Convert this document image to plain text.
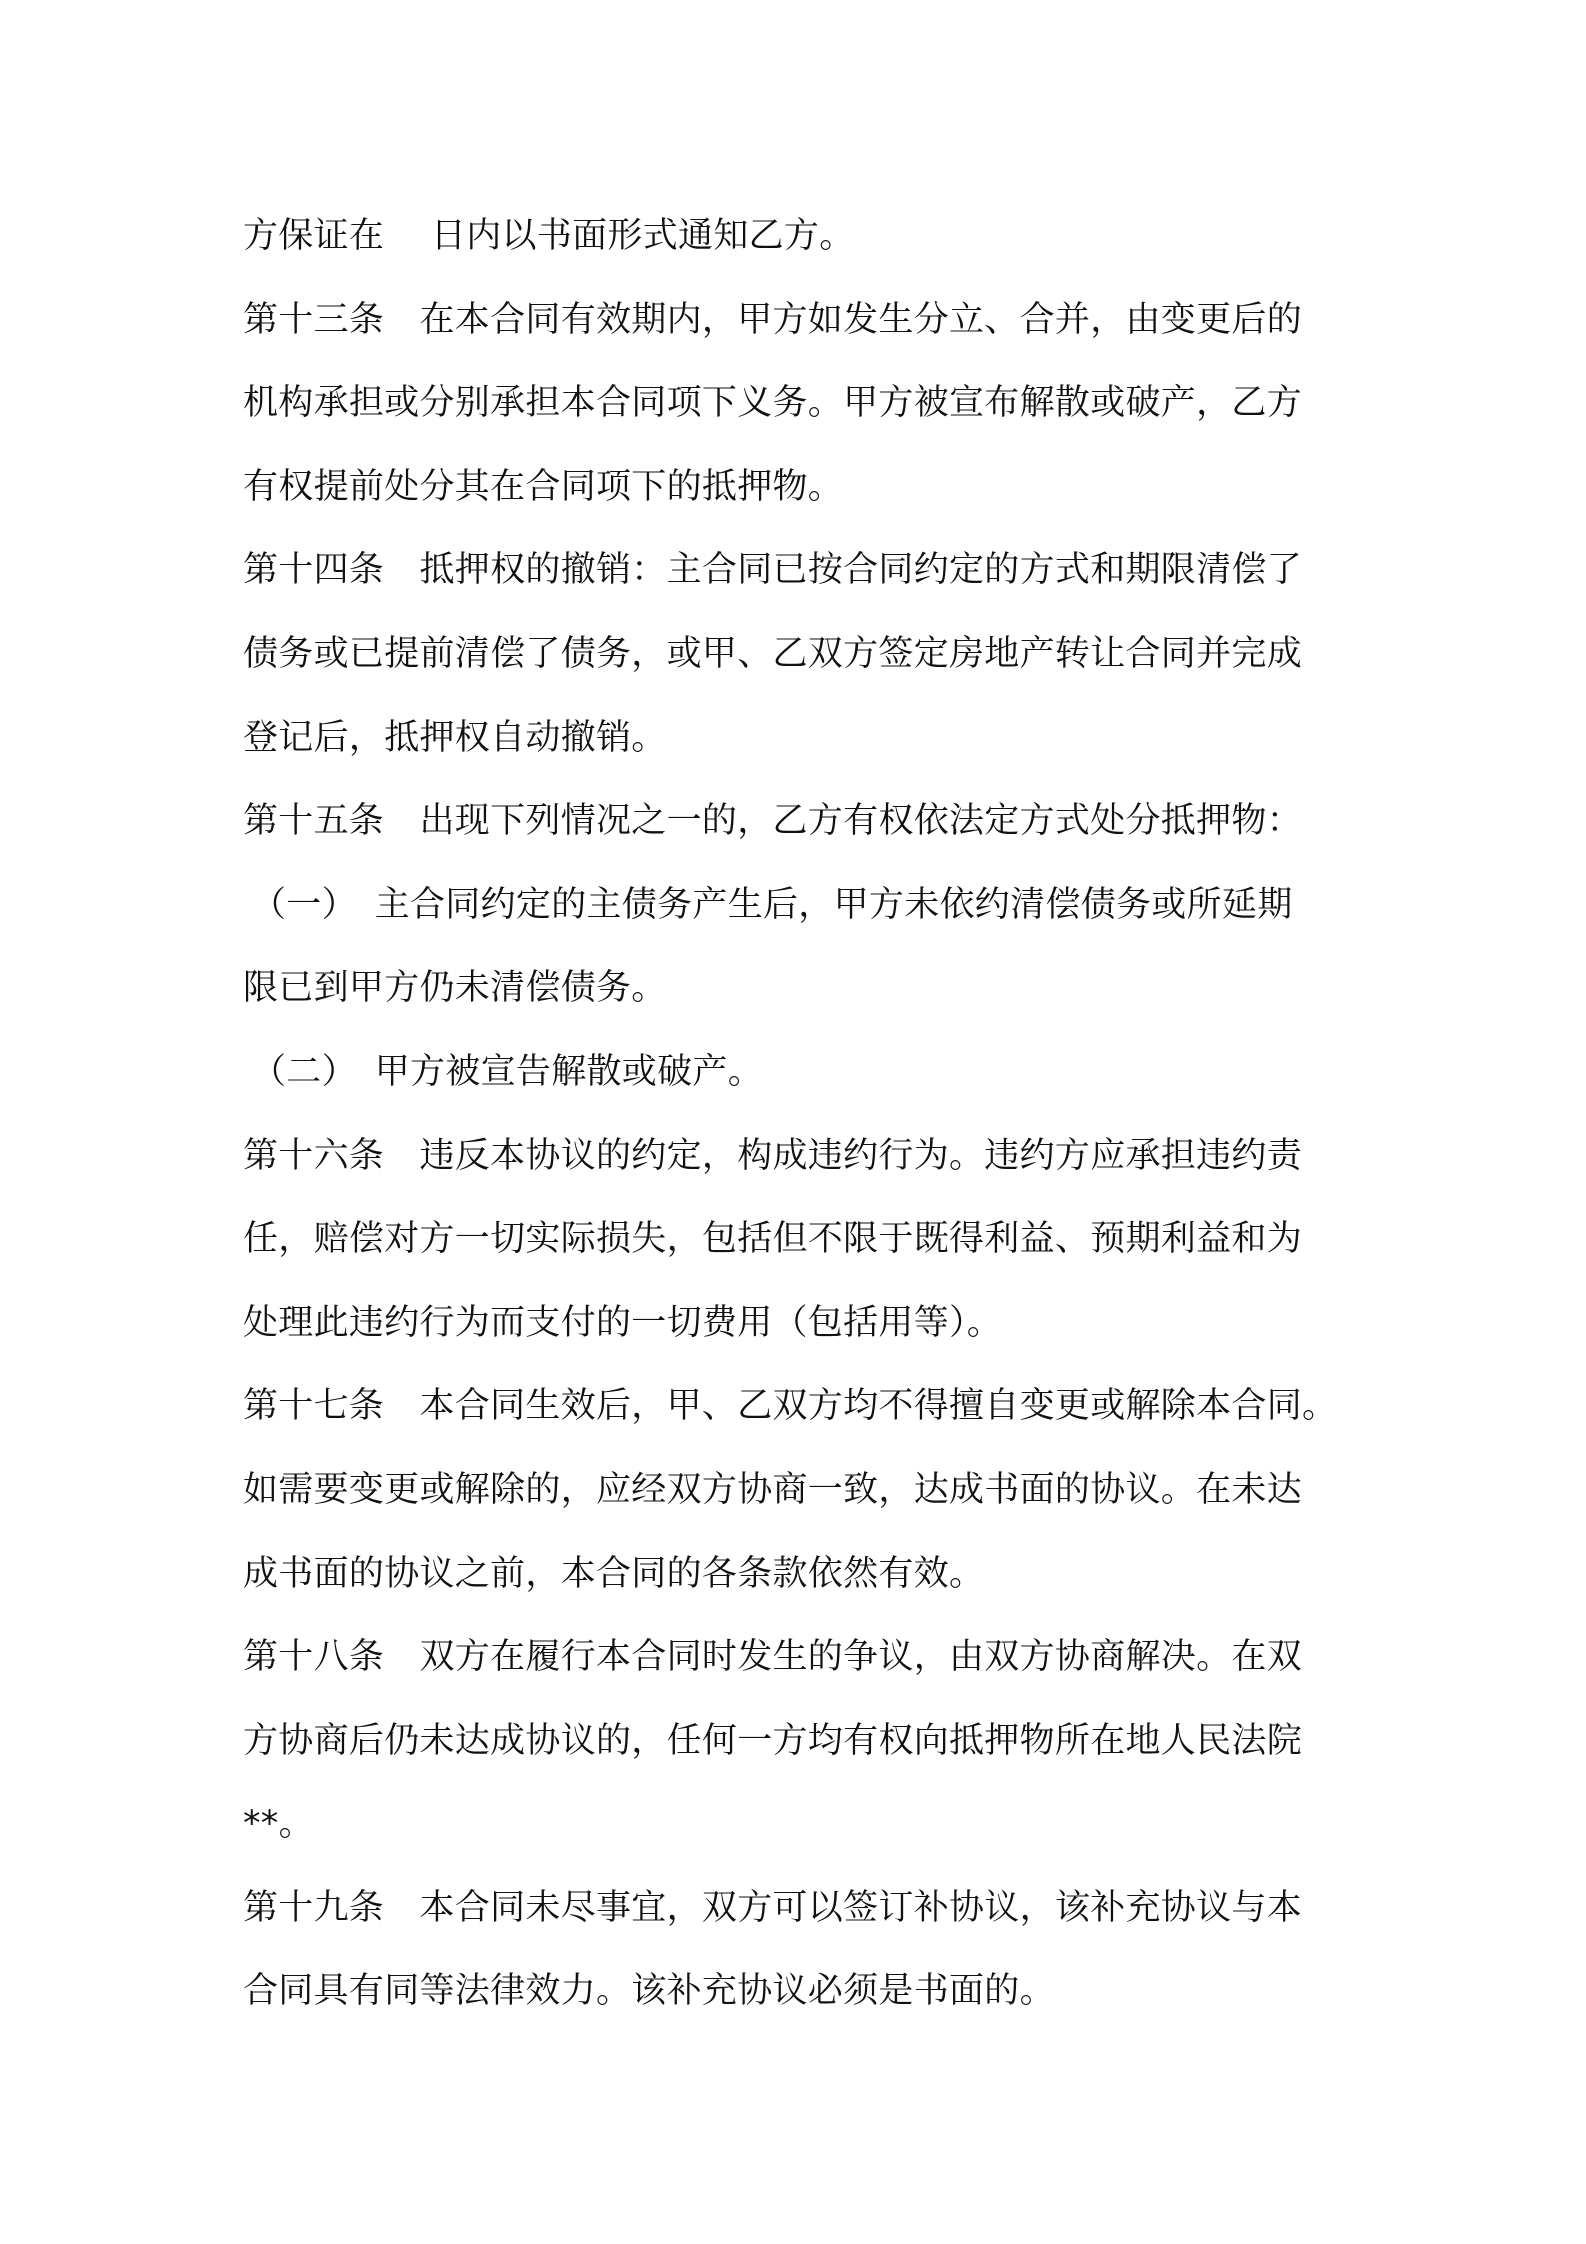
方保证在　 日内以书面形式通知乙方。
第十三条　在本合同有效期内，甲方如发生分立、合并，由变更后的
机构承担或分别承担本合同项下义务。甲方被宣布解散或破产，乙方
有权提前处分其在合同项下的抵押物。
第十四条　抵押权的撤销：主合同已按合同约定的方式和期限清偿了
债务或已提前清偿了债务，或甲、乙双方签定房地产转让合同并完成
登记后，抵押权自动撤销。
第十五条　出现下列情况之一的，乙方有权依法定方式处分抵押物：
（一）　主合同约定的主债务产生后，甲方未依约清偿债务或所延期
限已到甲方仍未清偿债务。
（二）　甲方被宣告解散或破产。
第十六条　违反本协议的约定，构成违约行为。违约方应承担违约责
任，赔偿对方一切实际损失，包括但不限于既得利益、预期利益和为
处理此违约行为而支付的一切费用（包括用等）。
第十七条　本合同生效后，甲、乙双方均不得擅自变更或解除本合同。
如需要变更或解除的，应经双方协商一致，达成书面的协议。在未达
成书面的协议之前，本合同的各条款依然有效。
第十八条　双方在履行本合同时发生的争议，由双方协商解决。在双
方协商后仍未达成协议的，任何一方均有权向抵押物所在地人民法院
**。
第十九条　本合同未尽事宜，双方可以签订补协议，该补充协议与本
合同具有同等法律效力。该补充协议必须是书面的。
